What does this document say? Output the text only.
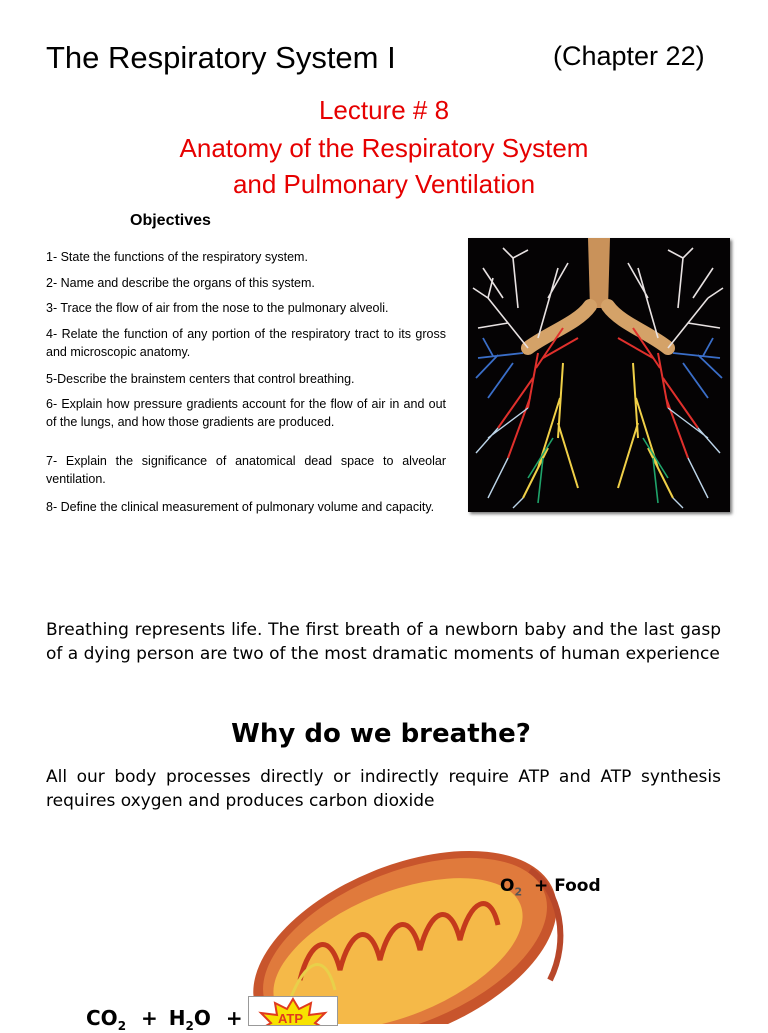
The Respiratory System I	(Chapter 22)
Lecture # 8
Anatomy of the Respiratory System
and Pulmonary Ventilation
Objectives
1- State the functions of the respiratory system.
2- Name and describe the organs of this system.
3- Trace the flow of air from the nose to the pulmonary alveoli.
4- Relate the function of any portion of the respiratory tract to its gross and microscopic anatomy.
5-Describe the brainstem centers that control breathing.
6- Explain how pressure gradients account for the flow of air in and out of the lungs, and how those gradients are produced.
7- Explain the significance of anatomical dead space to alveolar ventilation.
8- Define the clinical measurement of pulmonary volume and capacity.
Breathing represents life. The first breath of a newborn baby and the last gasp of a dying person are two of the most dramatic moments of human experience
Why do we breathe?
All our body processes directly or indirectly require ATP and ATP synthesis requires oxygen and produces carbon dioxide
$O_2$ + Food
$CO_2 + H_2O$ +	ATP
